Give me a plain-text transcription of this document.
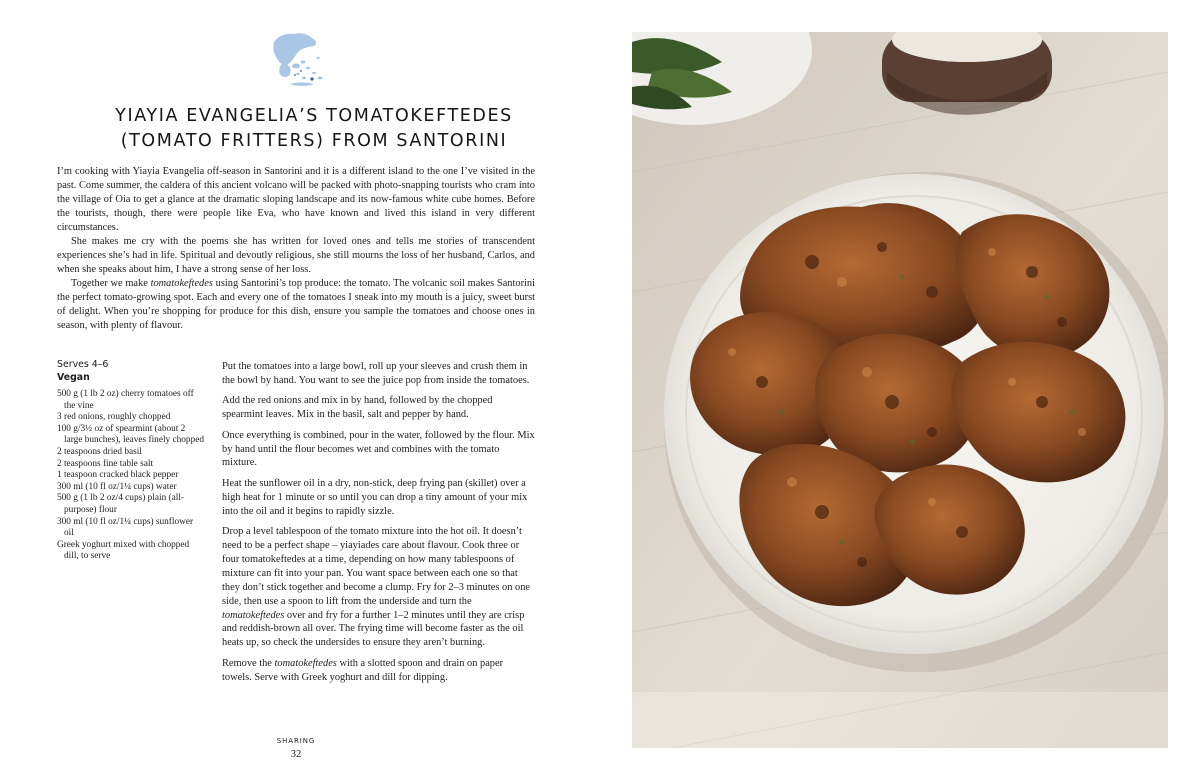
YIAYIA EVANGELIA’S TOMATOKEFTEDES
(TOMATO FRITTERS) FROM SANTORINI

I’m cooking with Yiayia Evangelia off-season in Santorini and it is a different island to the one I’ve visited in the past. Come summer, the caldera of this ancient volcano will be packed with photo-snapping tourists who cram into the village of Oia to get a glance at the dramatic sloping landscape and its now-famous white cube homes. Before the tourists, though, there were people like Eva, who have known and lived this island in very different circumstances.

She makes me cry with the poems she has written for loved ones and tells me stories of transcendent experiences she’s had in life. Spiritual and devoutly religious, she still mourns the loss of her husband, Carlos, and when she speaks about him, I have a strong sense of her loss.

Together we make tomatokeftedes using Santorini’s top produce: the tomato. The volcanic soil makes Santorini the perfect tomato-growing spot. Each and every one of the tomatoes I sneak into my mouth is a juicy, sweet burst of delight. When you’re shopping for produce for this dish, ensure you sample the tomatoes and choose ones in season, with plenty of flavour.

Serves 4–6
Vegan
500 g (1 lb 2 oz) cherry tomatoes off the vine
3 red onions, roughly chopped
100 g/3½ oz of spearmint (about 2 large bunches), leaves finely chopped
2 teaspoons dried basil
2 teaspoons fine table salt
1 teaspoon cracked black pepper
300 ml (10 fl oz/1¼ cups) water
500 g (1 lb 2 oz/4 cups) plain (all-purpose) flour
300 ml (10 fl oz/1¼ cups) sunflower oil
Greek yoghurt mixed with chopped dill, to serve

Put the tomatoes into a large bowl, roll up your sleeves and crush them in the bowl by hand. You want to see the juice pop from inside the tomatoes.

Add the red onions and mix in by hand, followed by the chopped spearmint leaves. Mix in the basil, salt and pepper by hand.

Once everything is combined, pour in the water, followed by the flour. Mix by hand until the flour becomes wet and combines with the tomato mixture.

Heat the sunflower oil in a dry, non-stick, deep frying pan (skillet) over a high heat for 1 minute or so until you can drop a tiny amount of your mix into the oil and it begins to rapidly sizzle.

Drop a level tablespoon of the tomato mixture into the hot oil. It doesn’t need to be a perfect shape – yiayiades care about flavour. Cook three or four tomatokeftedes at a time, depending on how many tablespoons of mixture can fit into your pan. You want space between each one so that they don’t stick together and become a clump. Fry for 2–3 minutes on one side, then use a spoon to lift from the underside and turn the tomatokeftedes over and fry for a further 1–2 minutes until they are crisp and reddish-brown all over. The frying time will become faster as the oil heats up, so check the undersides to ensure they aren’t burning.

Remove the tomatokeftedes with a slotted spoon and drain on paper towels. Serve with Greek yoghurt and dill for dipping.

SHARING
32
